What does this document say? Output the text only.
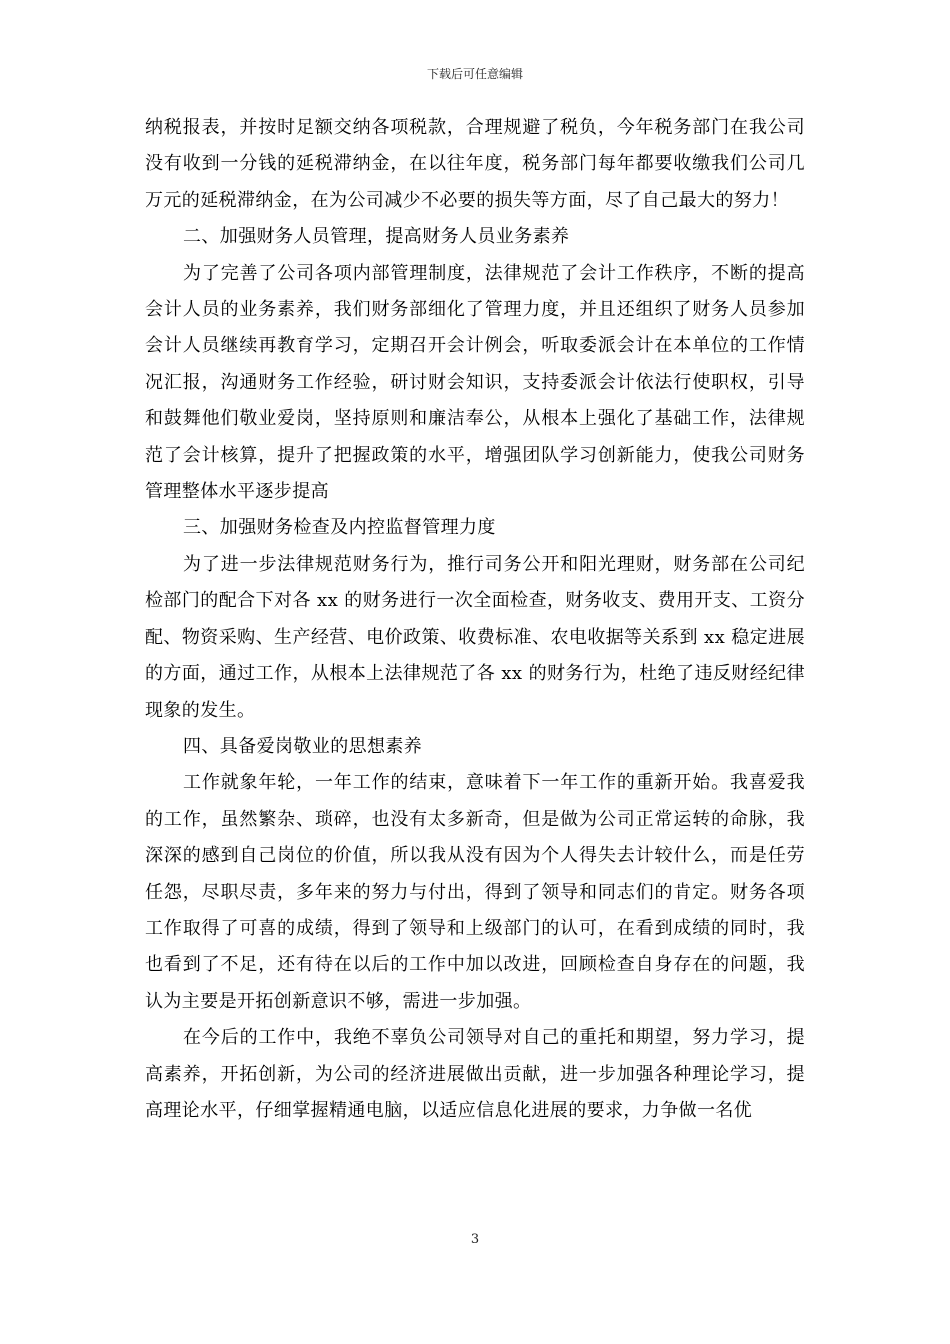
下载后可任意编辑

纳税报表，并按时足额交纳各项税款，合理规避了税负，今年税务部门在我公司没有收到一分钱的延税滞纳金，在以往年度，税务部门每年都要收缴我们公司几万元的延税滞纳金，在为公司减少不必要的损失等方面，尽了自己最大的努力！

二、加强财务人员管理，提高财务人员业务素养

为了完善了公司各项内部管理制度，法律规范了会计工作秩序，不断的提高会计人员的业务素养，我们财务部细化了管理力度，并且还组织了财务人员参加会计人员继续再教育学习，定期召开会计例会，听取委派会计在本单位的工作情况汇报，沟通财务工作经验，研讨财会知识，支持委派会计依法行使职权，引导和鼓舞他们敬业爱岗，坚持原则和廉洁奉公，从根本上强化了基础工作，法律规范了会计核算，提升了把握政策的水平，增强团队学习创新能力，使我公司财务管理整体水平逐步提高

三、加强财务检查及内控监督管理力度

为了进一步法律规范财务行为，推行司务公开和阳光理财，财务部在公司纪检部门的配合下对各 xx 的财务进行一次全面检查，财务收支、费用开支、工资分配、物资采购、生产经营、电价政策、收费标准、农电收据等关系到 xx 稳定进展的方面，通过工作，从根本上法律规范了各 xx 的财务行为，杜绝了违反财经纪律现象的发生。

四、具备爱岗敬业的思想素养

工作就象年轮，一年工作的结束，意味着下一年工作的重新开始。我喜爱我的工作，虽然繁杂、琐碎，也没有太多新奇，但是做为公司正常运转的命脉，我深深的感到自己岗位的价值，所以我从没有因为个人得失去计较什么，而是任劳任怨，尽职尽责，多年来的努力与付出，得到了领导和同志们的肯定。财务各项工作取得了可喜的成绩，得到了领导和上级部门的认可，在看到成绩的同时，我也看到了不足，还有待在以后的工作中加以改进，回顾检查自身存在的问题，我认为主要是开拓创新意识不够，需进一步加强。

在今后的工作中，我绝不辜负公司领导对自己的重托和期望，努力学习，提高素养，开拓创新，为公司的经济进展做出贡献，进一步加强各种理论学习，提高理论水平，仔细掌握精通电脑，以适应信息化进展的要求，力争做一名优

3
